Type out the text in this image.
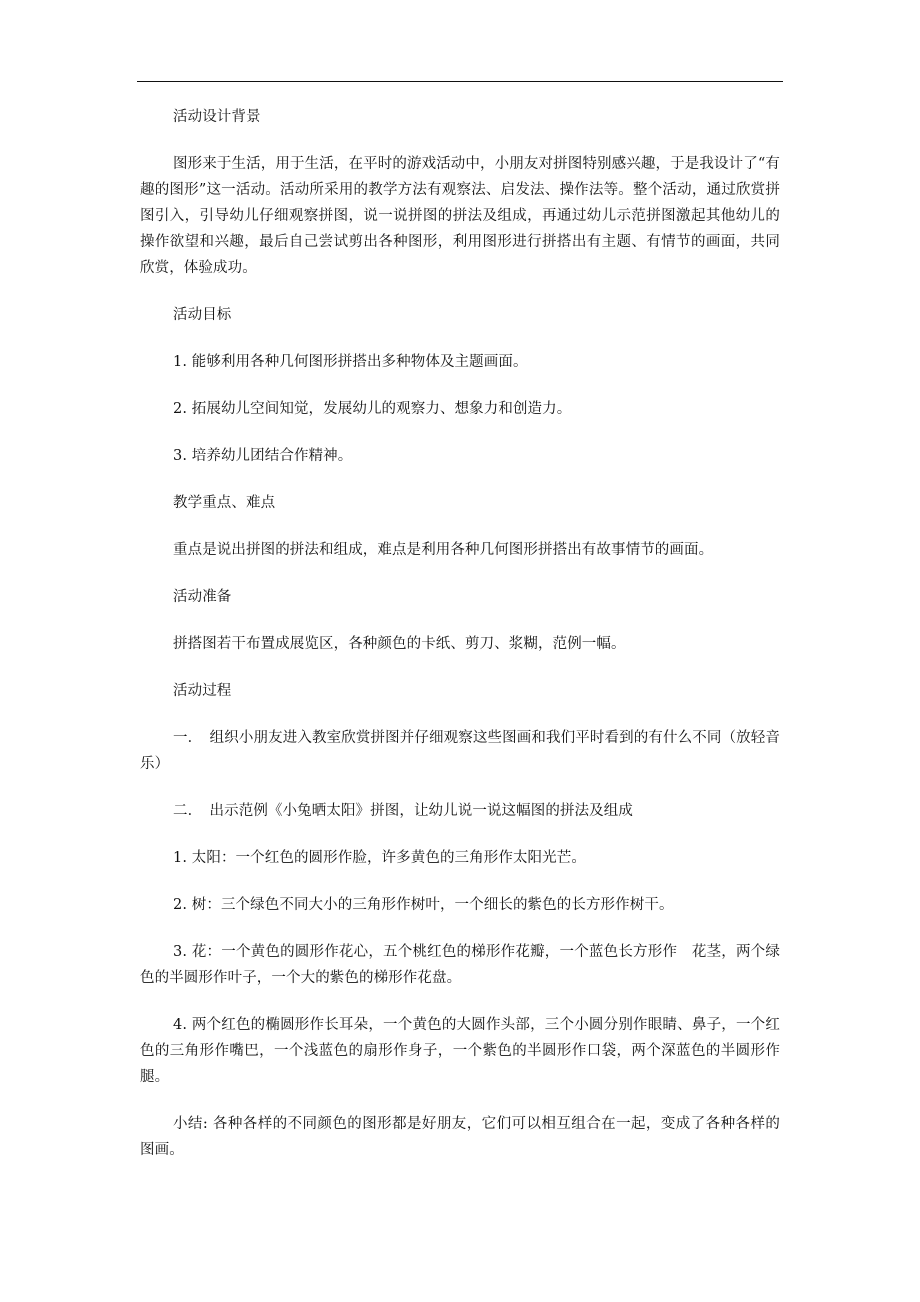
活动设计背景

图形来于生活，用于生活，在平时的游戏活动中，小朋友对拼图特别感兴趣，于是我设计了“有趣的图形”这一活动。活动所采用的教学方法有观察法、启发法、操作法等。整个活动，通过欣赏拼图引入，引导幼儿仔细观察拼图，说一说拼图的拼法及组成，再通过幼儿示范拼图激起其他幼儿的操作欲望和兴趣，最后自己尝试剪出各种图形，利用图形进行拼搭出有主题、有情节的画面，共同欣赏，体验成功。

活动目标

1. 能够利用各种几何图形拼搭出多种物体及主题画面。

2. 拓展幼儿空间知觉，发展幼儿的观察力、想象力和创造力。

3. 培养幼儿团结合作精神。

教学重点、难点

重点是说出拼图的拼法和组成，难点是利用各种几何图形拼搭出有故事情节的画面。

活动准备

拼搭图若干布置成展览区，各种颜色的卡纸、剪刀、浆糊，范例一幅。

活动过程

一．　组织小朋友进入教室欣赏拼图并仔细观察这些图画和我们平时看到的有什么不同（放轻音乐）

二．　出示范例《小兔晒太阳》拼图，让幼儿说一说这幅图的拼法及组成

1. 太阳：一个红色的圆形作脸，许多黄色的三角形作太阳光芒。

2. 树：三个绿色不同大小的三角形作树叶，一个细长的紫色的长方形作树干。

3. 花：一个黄色的圆形作花心，五个桃红色的梯形作花瓣，一个蓝色长方形作　花茎，两个绿色的半圆形作叶子，一个大的紫色的梯形作花盘。

4. 两个红色的椭圆形作长耳朵，一个黄色的大圆作头部，三个小圆分别作眼睛、鼻子，一个红色的三角形作嘴巴，一个浅蓝色的扇形作身子，一个紫色的半圆形作口袋，两个深蓝色的半圆形作腿。

小结: 各种各样的不同颜色的图形都是好朋友，它们可以相互组合在一起，变成了各种各样的图画。
